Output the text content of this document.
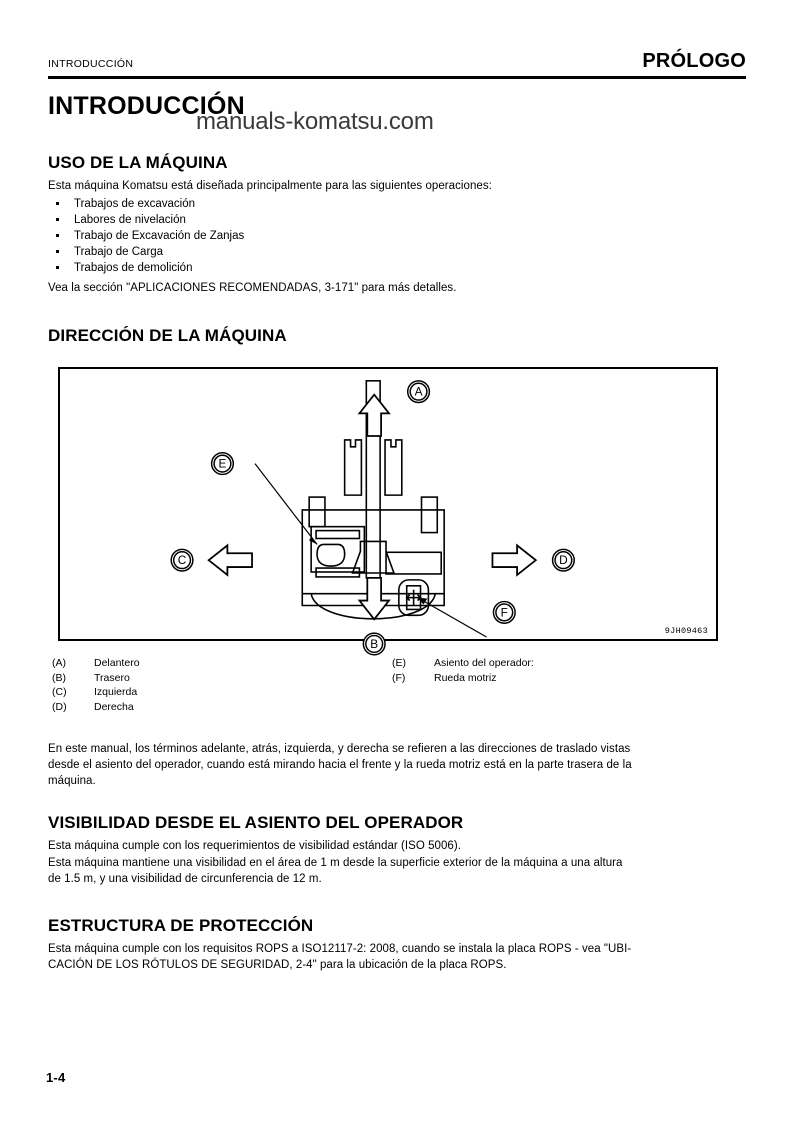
INTRODUCCIÓN	PRÓLOGO
INTRODUCCIÓN
manuals-komatsu.com
USO DE LA MÁQUINA
Esta máquina Komatsu está diseñada principalmente para las siguientes operaciones:
Trabajos de excavación
Labores de nivelación
Trabajo de Excavación de Zanjas
Trabajo de Carga
Trabajos de demolición
Vea la sección "APLICACIONES RECOMENDADAS, 3-171" para más detalles.
DIRECCIÓN DE LA MÁQUINA
A
B
C	D
E
F
9JH09463
(A)	Delantero
(B)	Trasero
(C)	Izquierda
(D)	Derecha
(E)	Asiento del operador:
(F)	Rueda motriz
En este manual, los términos adelante, atrás, izquierda, y derecha se refieren a las direcciones de traslado vistas
desde el asiento del operador, cuando está mirando hacia el frente y la rueda motriz está en la parte trasera de la
máquina.
VISIBILIDAD DESDE EL ASIENTO DEL OPERADOR
Esta máquina cumple con los requerimientos de visibilidad estándar (ISO 5006).
Esta máquina mantiene una visibilidad en el área de 1 m desde la superficie exterior de la máquina a una altura
de 1.5 m, y una visibilidad de circunferencia de 12 m.
ESTRUCTURA DE PROTECCIÓN
Esta máquina cumple con los requisitos ROPS a ISO12117-2: 2008, cuando se instala la placa ROPS - vea "UBI-
CACIÓN DE LOS RÓTULOS DE SEGURIDAD, 2-4" para la ubicación de la placa ROPS.
1-4
